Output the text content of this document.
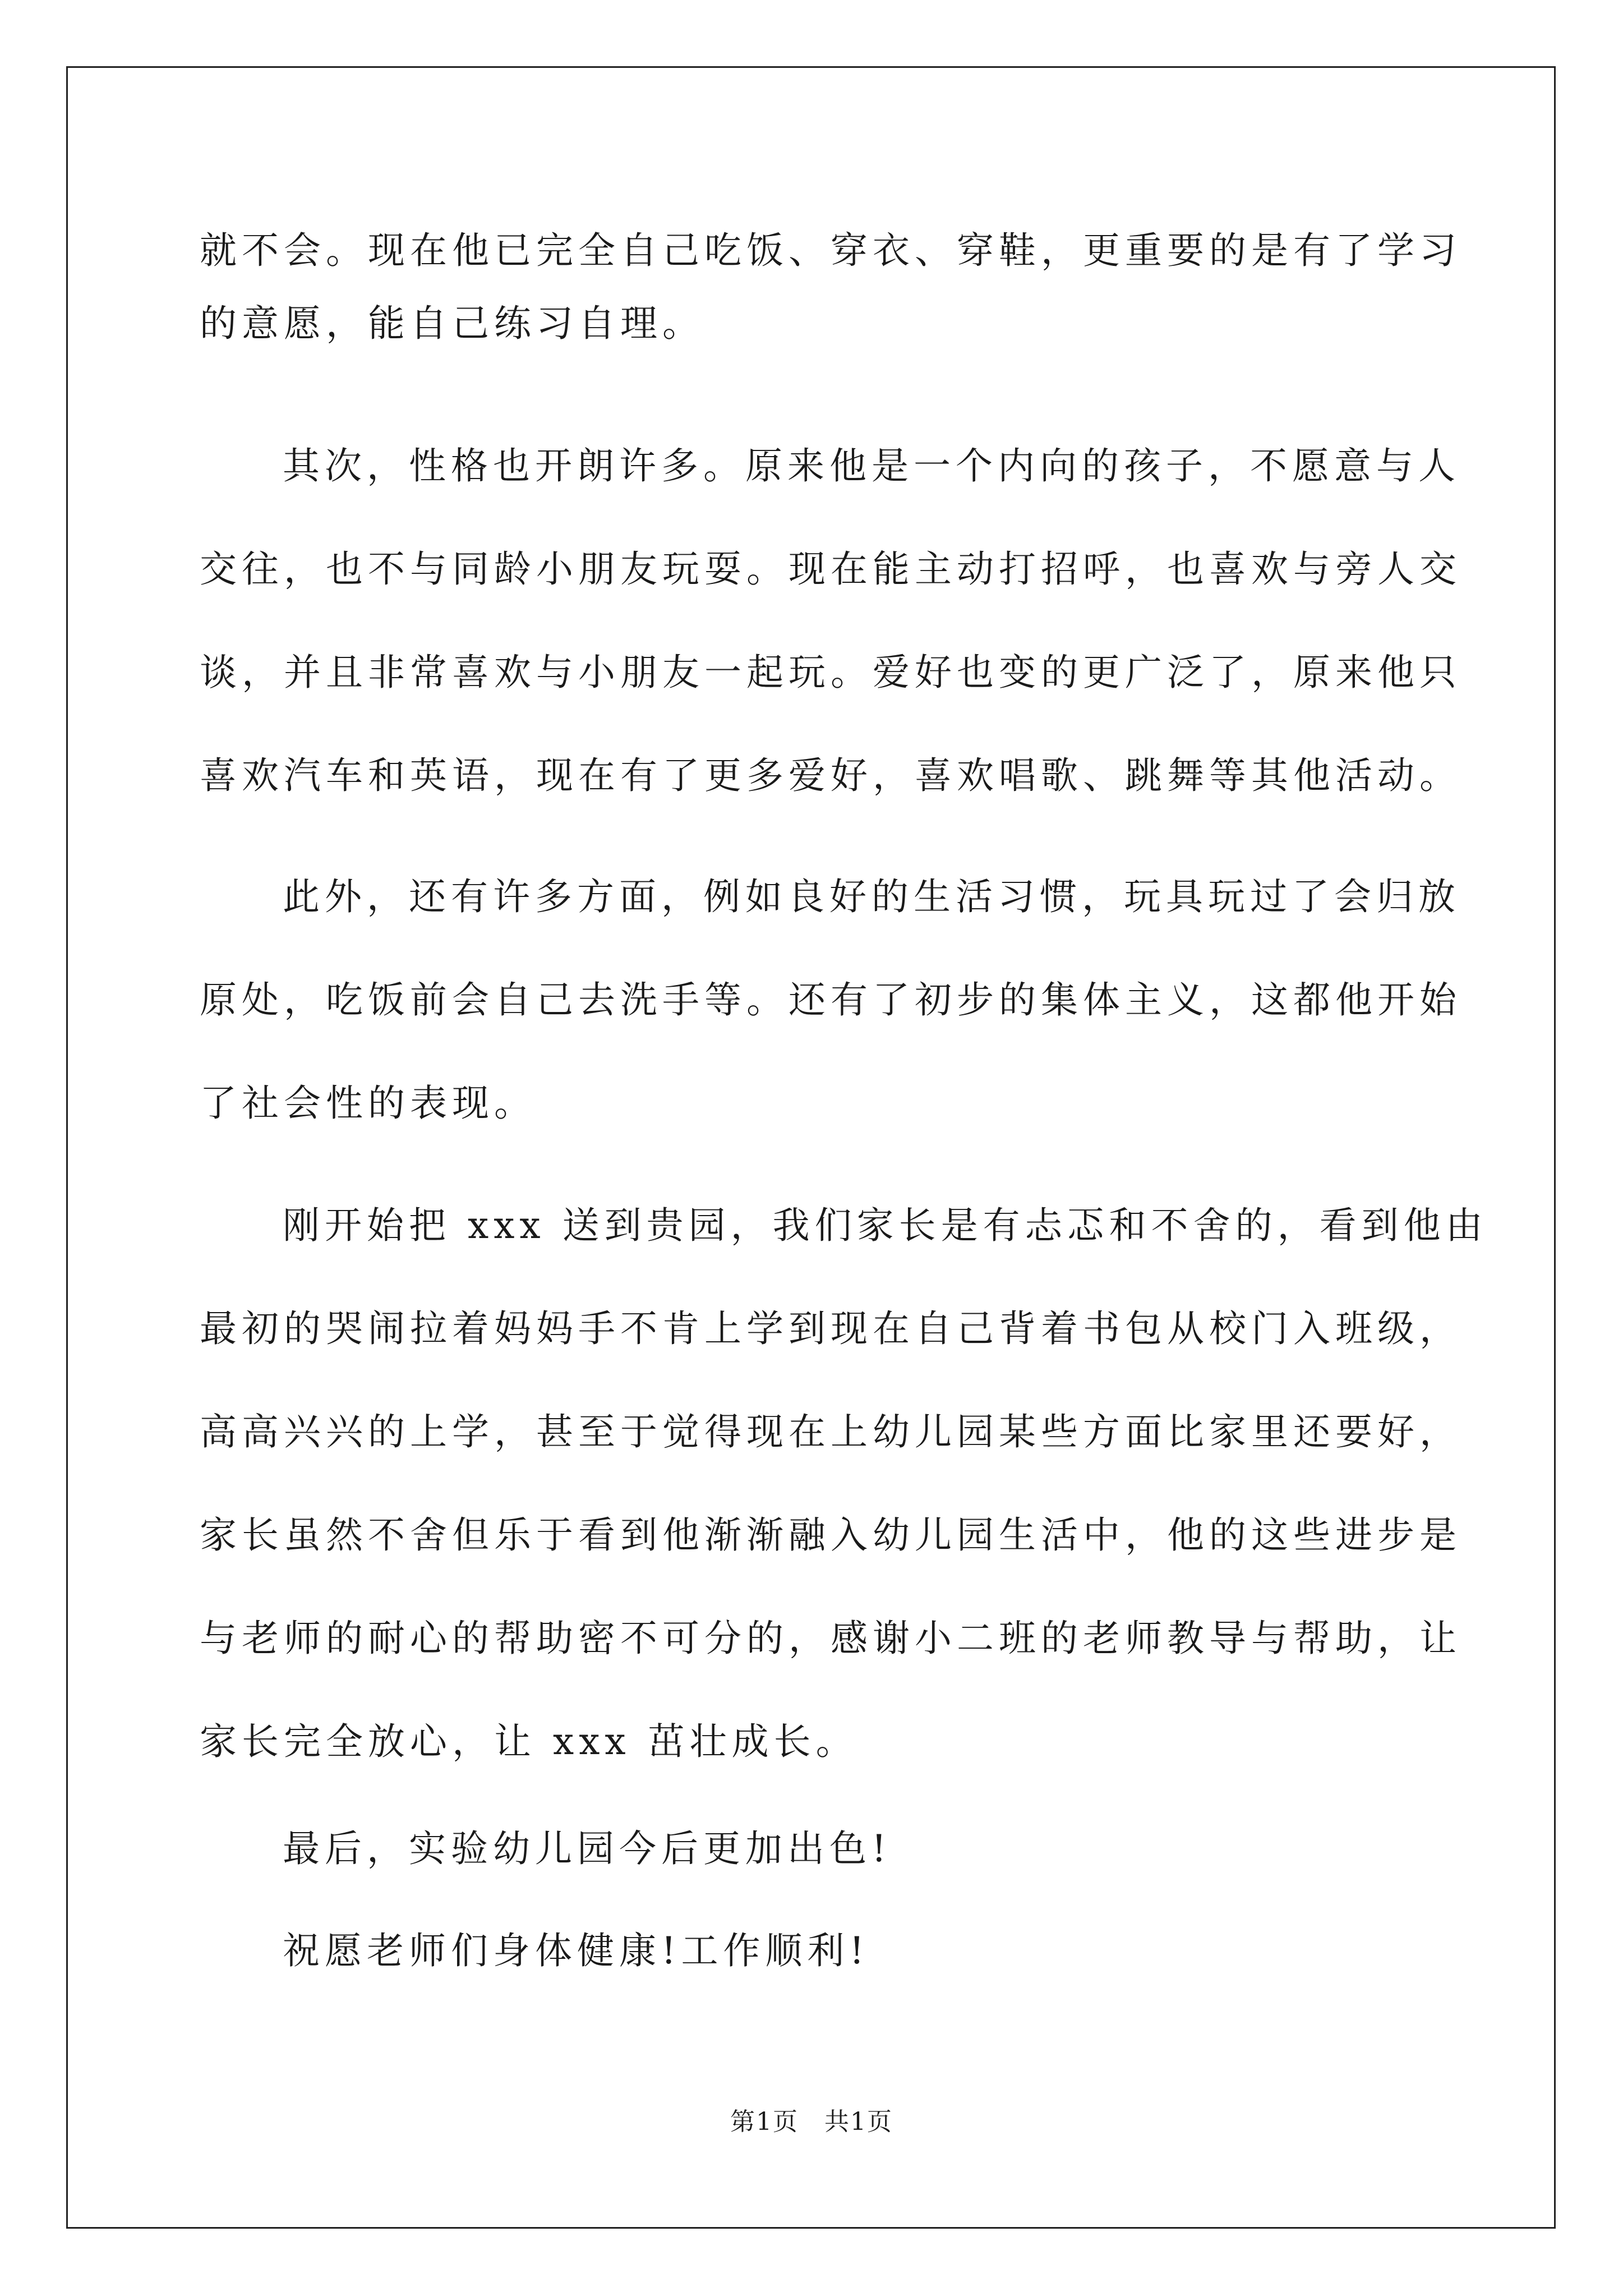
就不会。现在他已完全自己吃饭、穿衣、穿鞋，更重要的是有了学习
的意愿，能自己练习自理。
其次，性格也开朗许多。原来他是一个内向的孩子，不愿意与人
交往，也不与同龄小朋友玩耍。现在能主动打招呼，也喜欢与旁人交
谈，并且非常喜欢与小朋友一起玩。爱好也变的更广泛了，原来他只
喜欢汽车和英语，现在有了更多爱好，喜欢唱歌、跳舞等其他活动。
此外，还有许多方面，例如良好的生活习惯，玩具玩过了会归放
原处，吃饭前会自己去洗手等。还有了初步的集体主义，这都他开始
了社会性的表现。
刚开始把 xxx 送到贵园，我们家长是有忐忑和不舍的，看到他由
最初的哭闹拉着妈妈手不肯上学到现在自己背着书包从校门入班级，
高高兴兴的上学，甚至于觉得现在上幼儿园某些方面比家里还要好，
家长虽然不舍但乐于看到他渐渐融入幼儿园生活中，他的这些进步是
与老师的耐心的帮助密不可分的，感谢小二班的老师教导与帮助，让
家长完全放心，让 xxx 茁壮成长。
最后，实验幼儿园今后更加出色!
祝愿老师们身体健康!工作顺利!
第1页　共1页
